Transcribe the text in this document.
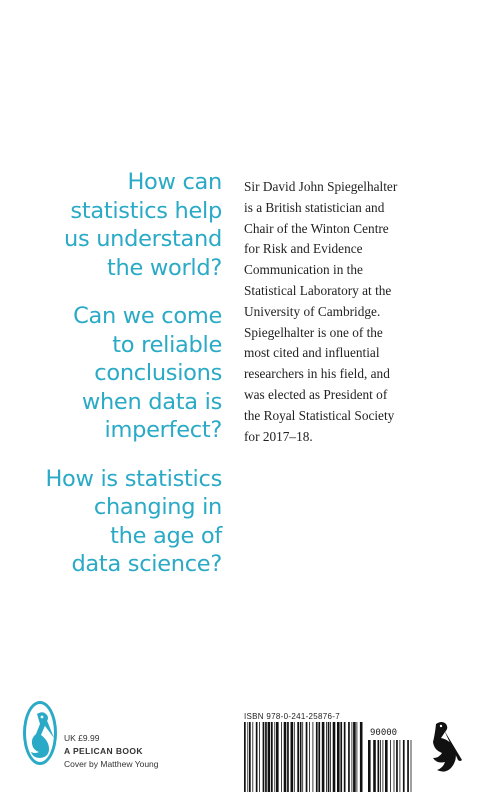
How can
statistics help
us understand
the world?

Can we come
to reliable
conclusions
when data is
imperfect?

How is statistics
changing in
the age of
data science?

Sir David John Spiegelhalter
is a British statistician and
Chair of the Winton Centre
for Risk and Evidence
Communication in the
Statistical Laboratory at the
University of Cambridge.
Spiegelhalter is one of the
most cited and influential
researchers in his field, and
was elected as President of
the Royal Statistical Society
for 2017–18.
UK £9.99
A PELICAN BOOK
Cover by Matthew Young
ISBN 978-0-241-25876-7
90000
